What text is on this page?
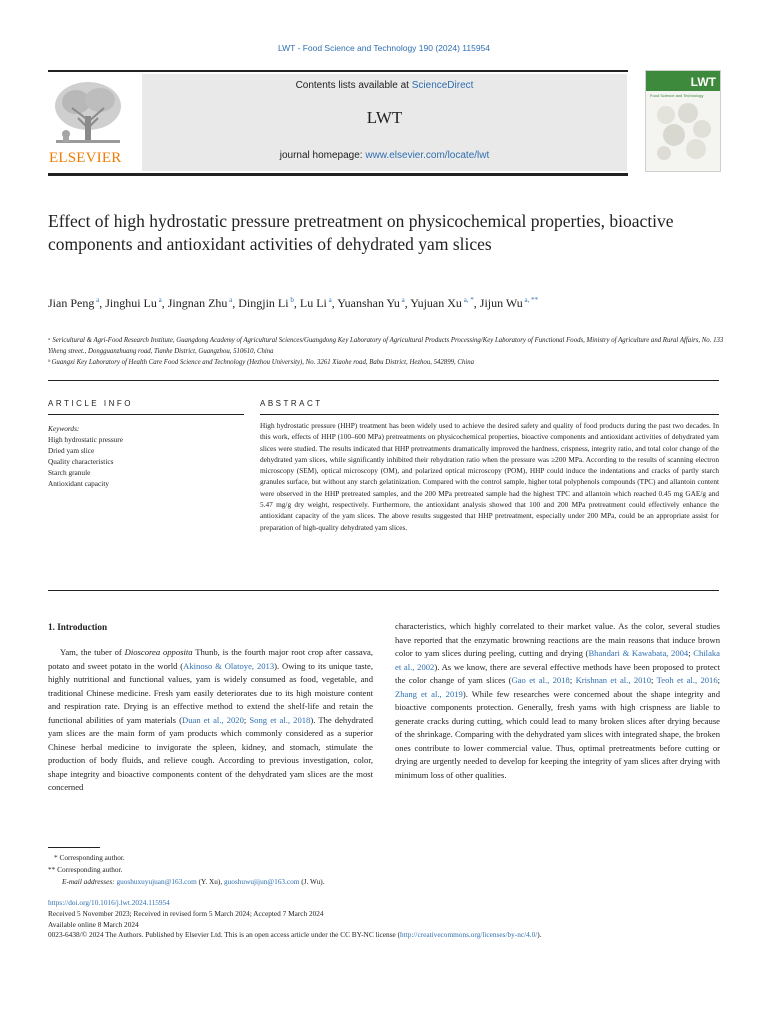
LWT - Food Science and Technology 190 (2024) 115954
ELSEVIER
Contents lists available at ScienceDirect
LWT
journal homepage: www.elsevier.com/locate/lwt
LWT
Food Science and Technology
Effect of high hydrostatic pressure pretreatment on physicochemical properties, bioactive components and antioxidant activities of dehydrated yam slices
Jian Peng $^a$, Jinghui Lu $^a$, Jingnan Zhu $^a$, Dingjin Li $^b$, Lu Li $^a$, Yuanshan Yu $^a$, Yujuan Xu $^{a, *}$, Jijun Wu $^{a, **}$
ᵃ Sericultural & Agri-Food Research Institute, Guangdong Academy of Agricultural Sciences/Guangdong Key Laboratory of Agricultural Products Processing/Key Laboratory of Functional Foods, Ministry of Agriculture and Rural Affairs, No. 133 Yiheng street., Dongguanzhuang road, Tianhe District, Guangzhou, 510610, China
ᵇ Guangxi Key Laboratory of Health Care Food Science and Technology (Hezhou University), No. 3261 Xiaohe road, Babu District, Hezhou, 542899, China
ARTICLE INFO	ABSTRACT
Keywords:
High hydrostatic pressure
Dried yam slice
Quality characteristics
Starch granule
Antioxidant capacity
High hydrostatic pressure (HHP) treatment has been widely used to achieve the desired safety and quality of food products during the past two decades. In this work, effects of HHP (100–600 MPa) pretreatments on physicochemical properties, bioactive components and antioxidant activities of dehydrated yam slices were studied. The results indicated that HHP pretreatments dramatically improved the hardness, crispness, integrity ratio, and total color change of the dehydrated yam slices, while significantly inhibited their rehydration ratio when the pressure was ≥200 MPa. According to the results of scanning electron microscopy (SEM), optical microscopy (OM), and polarized optical microscopy (POM), HHP could induce the indentations and cracks of partly starch granules surface, but without any starch gelatinization. Compared with the control sample, higher total polyphenols compounds (TPC) and allantoin content were observed in the HHP pretreated samples, and the 200 MPa pretreated sample had the highest TPC and allantoin which reached 0.45 mg GAE/g and 5.47 mg/g dry weight, respectively. Furthermore, the antioxidant analysis showed that 100 and 200 MPa pretreatment could effectively enhance the antioxidant capacity of the yam slices. The above results suggested that HHP pretreatment, especially under 200 MPa, could be an appropriate assist for preparation of high-quality dehydrated yam slices.
1. Introduction
Yam, the tuber of Dioscorea opposita Thunb, is the fourth major root crop after cassava, potato and sweet potato in the world (Akinoso & Olatoye, 2013). Owing to its unique taste, highly nutritional and functional values, yam is widely consumed as food, vegetable, and traditional Chinese medicine. Fresh yam easily deteriorates due to its high moisture content and respiration rate. Drying is an effective method to extend the shelf-life and retain the functional abilities of yam materials (Duan et al., 2020; Song et al., 2018). The dehydrated yam slices are the main form of yam products which commonly considered as a superior Chinese herbal medicine to invigorate the spleen, kidney, and stomach, stimulate the production of body fluids, and relieve cough. According to previous investigation, color, shape integrity and bioactive components content of the dehydrated yam slices are the most concerned
characteristics, which highly correlated to their market value. As the color, several studies have reported that the enzymatic browning reactions are the main reasons that induce brown color to yam slices during peeling, cutting and drying (Bhandari & Kawabata, 2004; Chilaka et al., 2002). As we know, there are several effective methods have been proposed to protect the color change of yam slices (Gao et al., 2018; Krishnan et al., 2010; Teoh et al., 2016; Zhang et al., 2019). While few researches were concerned about the shape integrity and bioactive components protection. Generally, fresh yams with high crispness are liable to generate cracks during cutting, which could lead to many broken slices after drying because of the shrinkage. Comparing with the dehydrated yam slices with integrated shape, the broken ones contribute to lower commercial value. Thus, optimal pretreatments before cutting or drying are urgently needed to develop for keeping the integrity of yam slices after drying with minimum loss of other qualities.
* Corresponding author.
** Corresponding author.
E-mail addresses: guoshuxuyujuan@163.com (Y. Xu), guoshuwujijun@163.com (J. Wu).
https://doi.org/10.1016/j.lwt.2024.115954
Received 5 November 2023; Received in revised form 5 March 2024; Accepted 7 March 2024
Available online 8 March 2024
0023-6438/© 2024 The Authors. Published by Elsevier Ltd. This is an open access article under the CC BY-NC license (http://creativecommons.org/licenses/by-nc/4.0/).
